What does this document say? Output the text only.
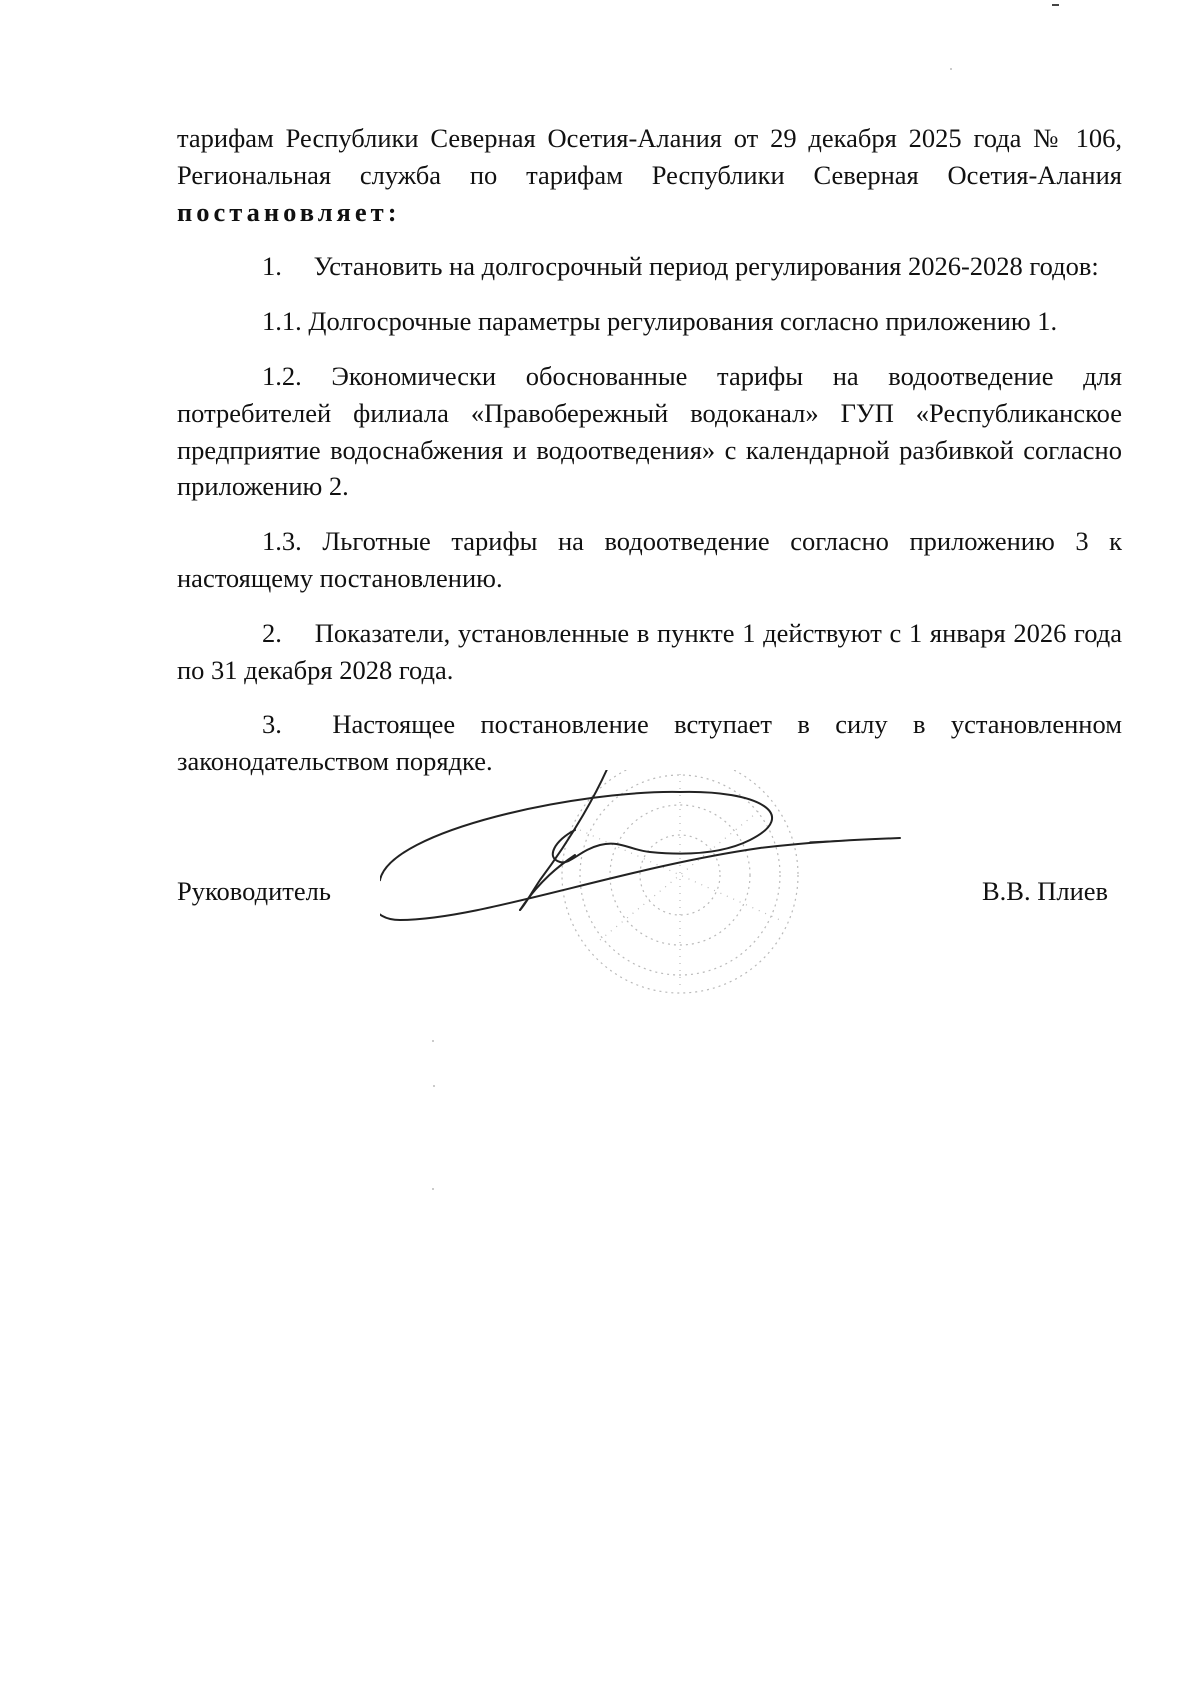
тарифам Республики Северная Осетия-Алания от 29 декабря 2025 года № 106, Региональная служба по тарифам Республики Северная Осетия-Алания постановляет:

1. Установить на долгосрочный период регулирования 2026-2028 годов:

1.1. Долгосрочные параметры регулирования согласно приложению 1.

1.2. Экономически обоснованные тарифы на водоотведение для потребителей филиала «Правобережный водоканал» ГУП «Республиканское предприятие водоснабжения и водоотведения» с календарной разбивкой согласно приложению 2.

1.3. Льготные тарифы на водоотведение согласно приложению 3 к настоящему постановлению.

2. Показатели, установленные в пункте 1 действуют с 1 января 2026 года по 31 декабря 2028 года.

3. Настоящее постановление вступает в силу в установленном законодательством порядке.

Руководитель	В.В. Плиев
